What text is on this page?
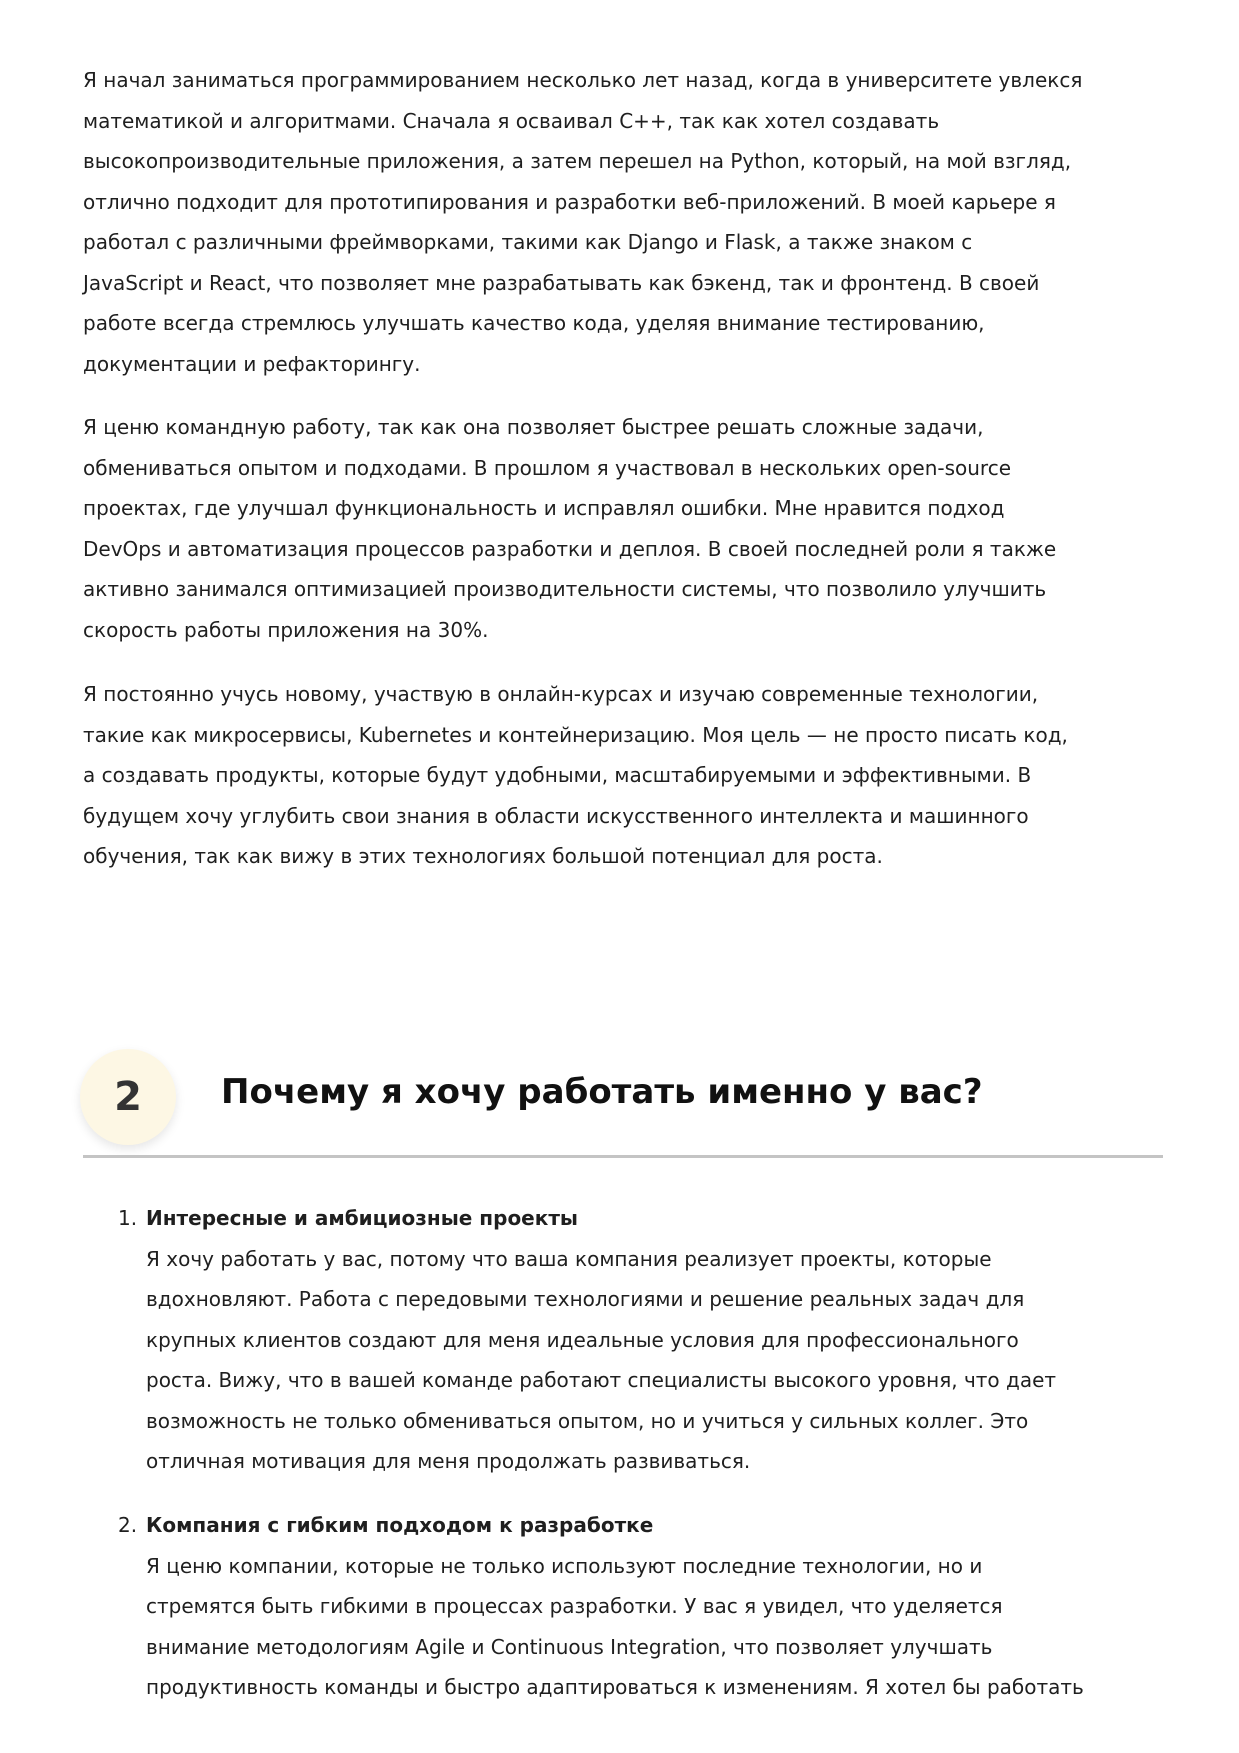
Я начал заниматься программированием несколько лет назад, когда в университете увлекся
математикой и алгоритмами. Сначала я осваивал C++, так как хотел создавать
высокопроизводительные приложения, а затем перешел на Python, который, на мой взгляд,
отлично подходит для прототипирования и разработки веб-приложений. В моей карьере я
работал с различными фреймворками, такими как Django и Flask, а также знаком с
JavaScript и React, что позволяет мне разрабатывать как бэкенд, так и фронтенд. В своей
работе всегда стремлюсь улучшать качество кода, уделяя внимание тестированию,
документации и рефакторингу.
Я ценю командную работу, так как она позволяет быстрее решать сложные задачи,
обмениваться опытом и подходами. В прошлом я участвовал в нескольких open-source
проектах, где улучшал функциональность и исправлял ошибки. Мне нравится подход
DevOps и автоматизация процессов разработки и деплоя. В своей последней роли я также
активно занимался оптимизацией производительности системы, что позволило улучшить
скорость работы приложения на 30%.
Я постоянно учусь новому, участвую в онлайн-курсах и изучаю современные технологии,
такие как микросервисы, Kubernetes и контейнеризацию. Моя цель — не просто писать код,
а создавать продукты, которые будут удобными, масштабируемыми и эффективными. В
будущем хочу углубить свои знания в области искусственного интеллекта и машинного
обучения, так как вижу в этих технологиях большой потенциал для роста.
2	Почему я хочу работать именно у вас?
1. Интересные и амбициозные проекты
Я хочу работать у вас, потому что ваша компания реализует проекты, которые
вдохновляют. Работа с передовыми технологиями и решение реальных задач для
крупных клиентов создают для меня идеальные условия для профессионального
роста. Вижу, что в вашей команде работают специалисты высокого уровня, что дает
возможность не только обмениваться опытом, но и учиться у сильных коллег. Это
отличная мотивация для меня продолжать развиваться.
2. Компания с гибким подходом к разработке
Я ценю компании, которые не только используют последние технологии, но и
стремятся быть гибкими в процессах разработки. У вас я увидел, что уделяется
внимание методологиям Agile и Continuous Integration, что позволяет улучшать
продуктивность команды и быстро адаптироваться к изменениям. Я хотел бы работать
